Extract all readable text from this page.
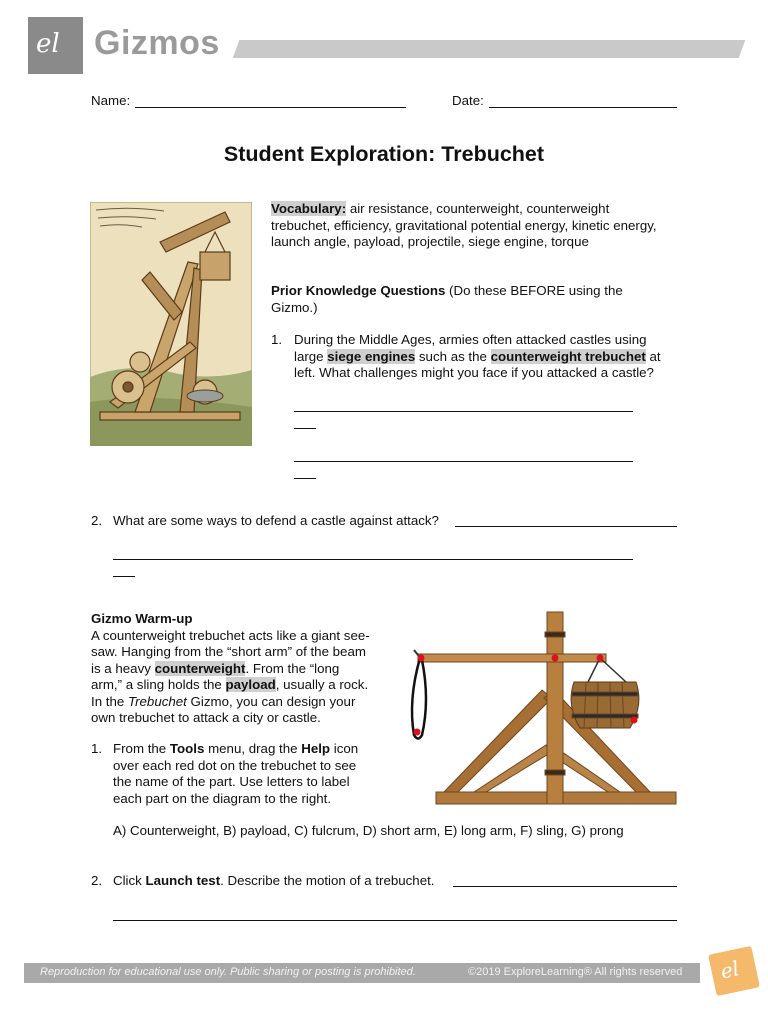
el Gizmos
Name:	Date:
Student Exploration: Trebuchet
Vocabulary: air resistance, counterweight, counterweight
trebuchet, efficiency, gravitational potential energy, kinetic energy,
launch angle, payload, projectile, siege engine, torque
Prior Knowledge Questions (Do these BEFORE using the
Gizmo.)
1. During the Middle Ages, armies often attacked castles using
large siege engines such as the counterweight trebuchet at
left. What challenges might you face if you attacked a castle?
2. What are some ways to defend a castle against attack?
Gizmo Warm-up
A counterweight trebuchet acts like a giant see-
saw. Hanging from the “short arm” of the beam
is a heavy counterweight. From the “long
arm,” a sling holds the payload, usually a rock.
In the Trebuchet Gizmo, you can design your
own trebuchet to attack a city or castle.
1. From the Tools menu, drag the Help icon
over each red dot on the trebuchet to see
the name of the part. Use letters to label
each part on the diagram to the right.
A) Counterweight, B) payload, C) fulcrum, D) short arm, E) long arm, F) sling, G) prong
2. Click Launch test. Describe the motion of a trebuchet.
Reproduction for educational use only. Public sharing or posting is prohibited.	©2019 ExploreLearning® All rights reserved el
